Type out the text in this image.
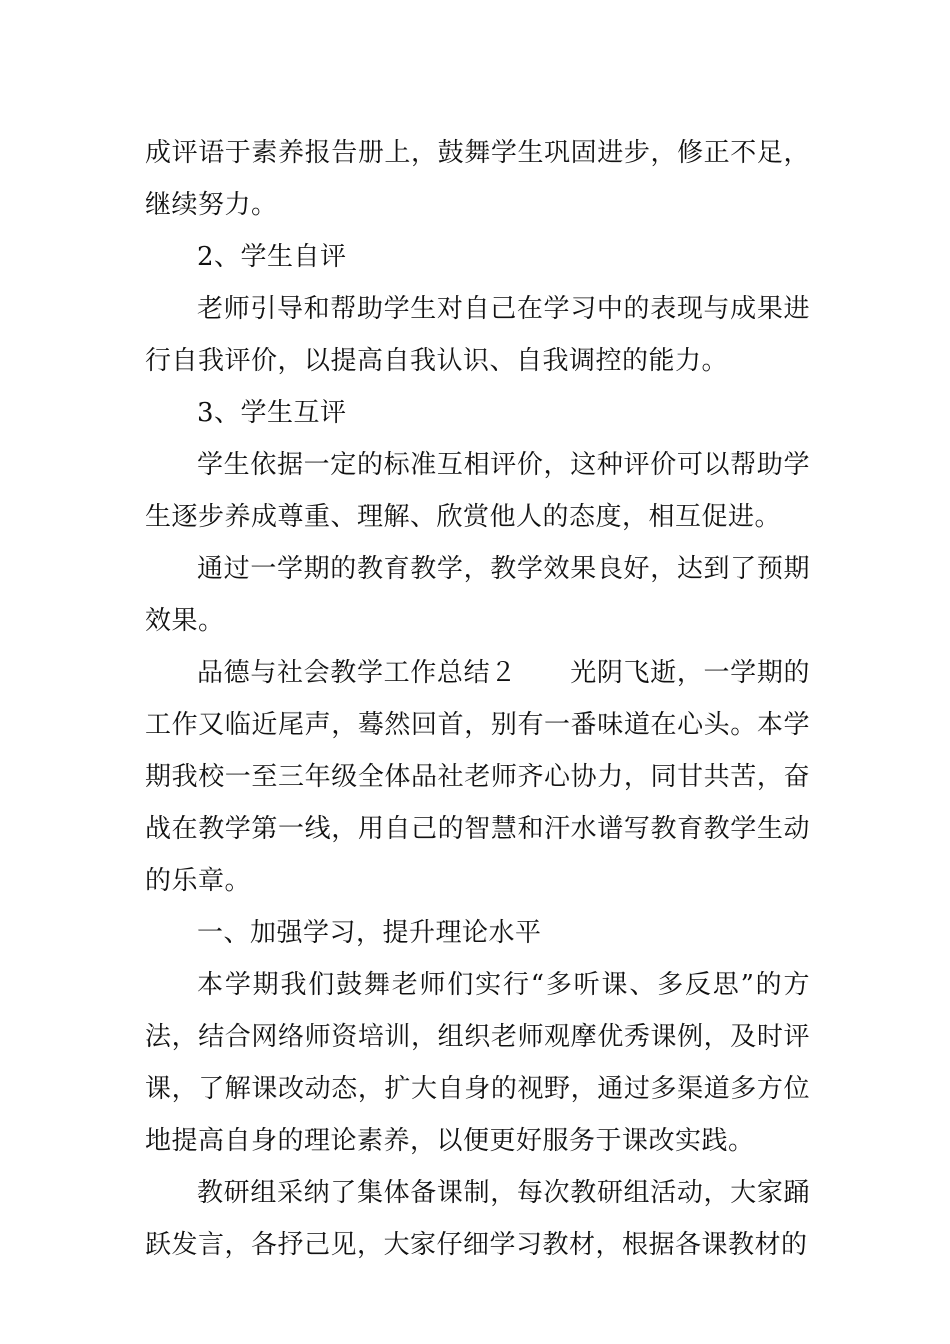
成评语于素养报告册上，鼓舞学生巩固进步，修正不足，继续努力。

2、学生自评

老师引导和帮助学生对自己在学习中的表现与成果进行自我评价，以提高自我认识、自我调控的能力。

3、学生互评

学生依据一定的标准互相评价，这种评价可以帮助学生逐步养成尊重、理解、欣赏他人的态度，相互促进。

通过一学期的教育教学，教学效果良好，达到了预期效果。

品德与社会教学工作总结２　　光阴飞逝，一学期的工作又临近尾声，蓦然回首，别有一番味道在心头。本学期我校一至三年级全体品社老师齐心协力，同甘共苦，奋战在教学第一线，用自己的智慧和汗水谱写教育教学生动的乐章。

一、加强学习，提升理论水平

本学期我们鼓舞老师们实行“多听课、多反思”的方法，结合网络师资培训，组织老师观摩优秀课例，及时评课，了解课改动态，扩大自身的视野，通过多渠道多方位地提高自身的理论素养，以便更好服务于课改实践。

教研组采纳了集体备课制，每次教研组活动，大家踊跃发言，各抒己见，大家仔细学习教材，根据各课教材的
